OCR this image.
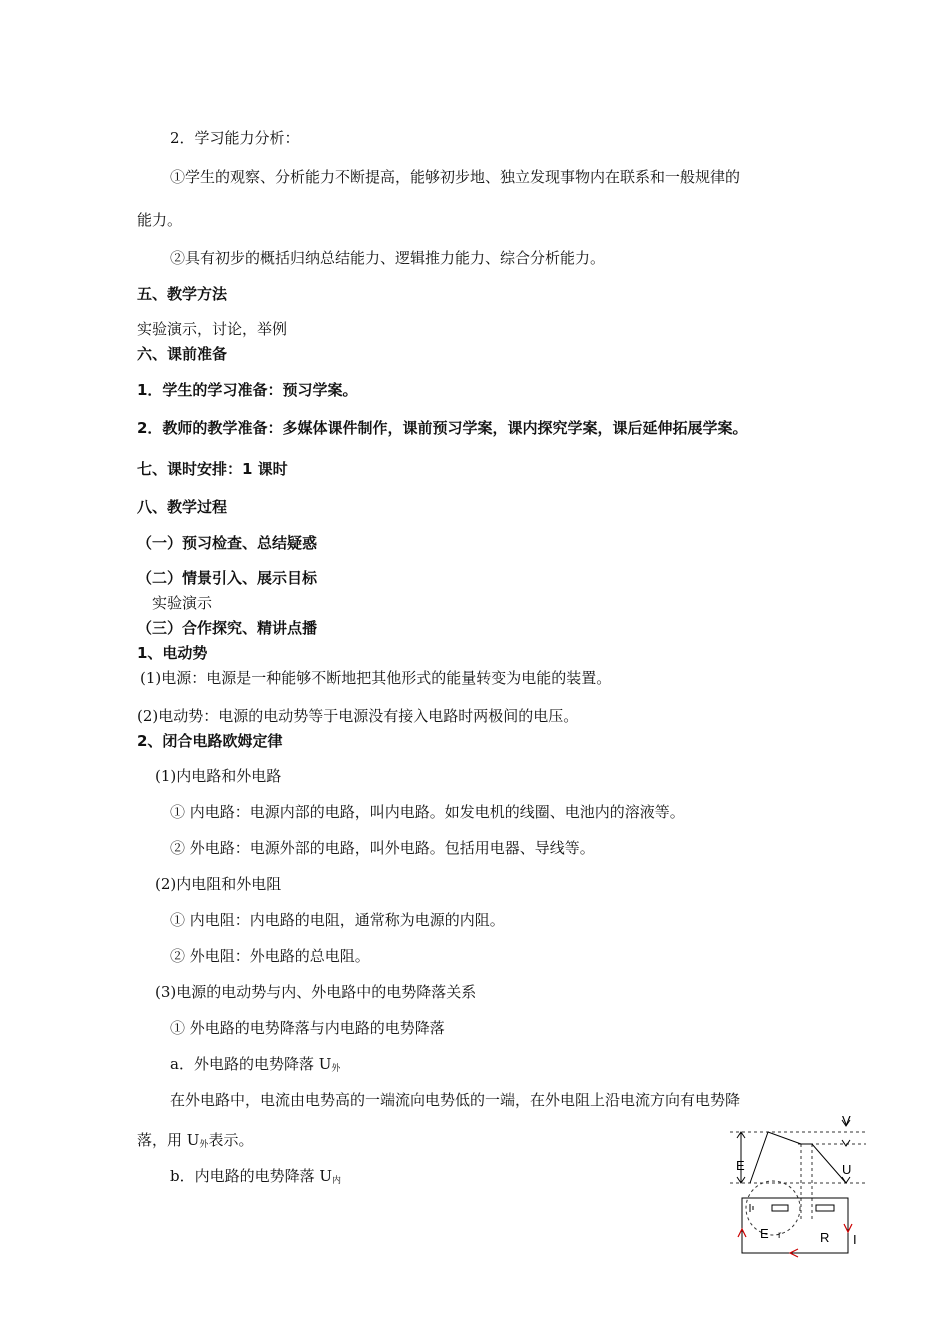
2．学习能力分析：
①学生的观察、分析能力不断提高，能够初步地、独立发现事物内在联系和一般规律的
能力。
②具有初步的概括归纳总结能力、逻辑推力能力、综合分析能力。
五、教学方法
实验演示，讨论，举例
六、课前准备
1．学生的学习准备：预习学案。
2．教师的教学准备：多媒体课件制作，课前预习学案，课内探究学案，课后延伸拓展学案。
七、课时安排：1 课时
八、教学过程
（一）预习检查、总结疑惑
（二）情景引入、展示目标
实验演示
（三）合作探究、精讲点播
1、电动势
(1)电源：电源是一种能够不断地把其他形式的能量转变为电能的装置。
(2)电动势：电源的电动势等于电源没有接入电路时两极间的电压。
2、闭合电路欧姆定律
(1)内电路和外电路
① 内电路：电源内部的电路，叫内电路。如发电机的线圈、电池内的溶液等。
② 外电路：电源外部的电路，叫外电路。包括用电器、导线等。
(2)内电阻和外电阻
① 内电阻：内电路的电阻，通常称为电源的内阻。
② 外电阻：外电路的总电阻。
(3)电源的电动势与内、外电路中的电势降落关系
① 外电路的电势降落与内电路的电势降落
a．外电路的电势降落 U外
在外电路中，电流由电势高的一端流向电势低的一端，在外电阻上沿电流方向有电势降
落，用 U外表示。
b．内电路的电势降落 U内
E
V
U
E r	R I
